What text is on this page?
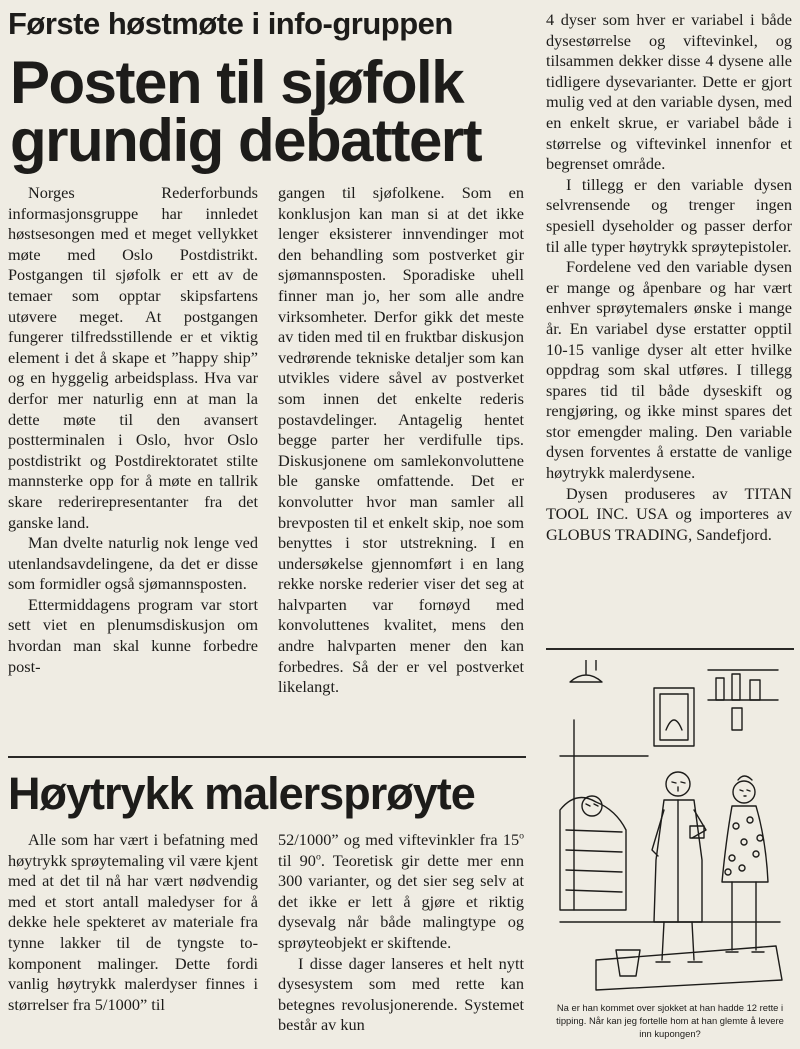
Første høstmøte i info-gruppen
Posten til sjøfolk
grundig debattert

Norges Rederforbunds informasjonsgruppe har innledet høstsesongen med et meget vellykket møte med Oslo Postdistrikt. Postgangen til sjøfolk er ett av de temaer som opptar skipsfartens utøvere meget. At postgangen fungerer tilfredsstillende er et viktig element i det å skape et ”happy ship” og en hyggelig arbeidsplass. Hva var derfor mer naturlig enn at man la dette møte til den avansert postterminalen i Oslo, hvor Oslo postdistrikt og Postdirektoratet stilte mannsterke opp for å møte en tallrik skare rederirepresentanter fra det ganske land.

Man dvelte naturlig nok lenge ved utenlandsavdelingene, da det er disse som formidler også sjømannsposten.

Ettermiddagens program var stort sett viet en plenumsdiskusjon om hvordan man skal kunne forbedre post-

gangen til sjøfolkene. Som en konklusjon kan man si at det ikke lenger eksisterer innvendinger mot den behandling som postverket gir sjømannsposten. Sporadiske uhell finner man jo, her som alle andre virksomheter. Derfor gikk det meste av tiden med til en fruktbar diskusjon vedrørende tekniske detaljer som kan utvikles videre såvel av postverket som innen det enkelte rederis postavdelinger. Antagelig hentet begge parter her verdifulle tips. Diskusjonene om samlekonvoluttene ble ganske omfattende. Det er konvolutter hvor man samler all brevposten til et enkelt skip, noe som benyttes i stor utstrekning. I en undersøkelse gjennomført i en lang rekke norske rederier viser det seg at halvparten var fornøyd med konvoluttenes kvalitet, mens den andre halvparten mener den kan forbedres. Så der er vel postverket likelangt.

4 dyser som hver er variabel i både dysestørrelse og viftevinkel, og tilsammen dekker disse 4 dysene alle tidligere dysevarianter. Dette er gjort mulig ved at den variable dysen, med en enkelt skrue, er variabel både i størrelse og viftevinkel innenfor et begrenset område.

I tillegg er den variable dysen selvrensende og trenger ingen spesiell dyseholder og passer derfor til alle typer høytrykk sprøytepistoler.

Fordelene ved den variable dysen er mange og åpenbare og har vært enhver sprøytemalers ønske i mange år. En variabel dyse erstatter opptil 10-15 vanlige dyser alt etter hvilke oppdrag som skal utføres. I tillegg spares tid til både dyseskift og rengjøring, og ikke minst spares det stor emengder maling. Den variable dysen forventes å erstatte de vanlige høytrykk malerdysene.

Dysen produseres av TITAN TOOL INC. USA og importeres av GLOBUS TRADING, Sandefjord.

Høytrykk malersprøyte

Alle som har vært i befatning med høytrykk sprøytemaling vil være kjent med at det til nå har vært nødvendig med et stort antall maledyser for å dekke hele spekteret av materiale fra tynne lakker til de tyngste to-komponent malinger. Dette fordi vanlig høytrykk malerdyser finnes i størrelser fra 5/1000” til

52/1000” og med viftevinkler fra 15$^o$ til 90$^o$. Teoretisk gir dette mer enn 300 varianter, og det sier seg selv at det ikke er lett å gjøre et riktig dysevalg når både malingtype og sprøyteobjekt er skiftende.

I disse dager lanseres et helt nytt dysesystem som med rette kan betegnes revolusjonerende. Systemet består av kun

Na er han kommet over sjokket at han hadde 12 rette i tipping. Når kan jeg fortelle hom at han glemte å levere inn kupongen?
